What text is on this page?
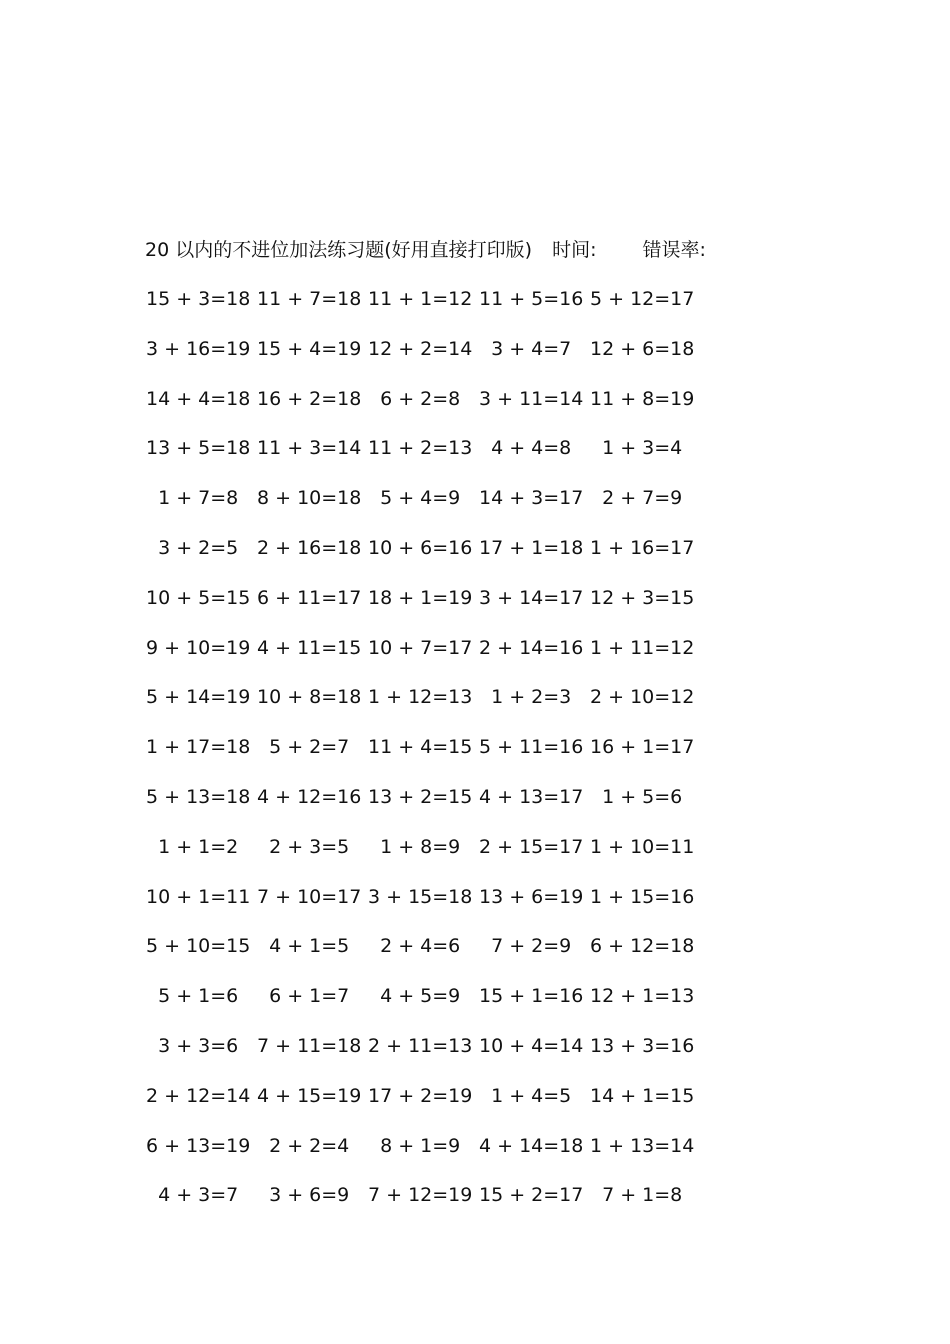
20 以内的不进位加法练习题(好用直接打印版) 时间: 错误率:
15 + 3=18 11 + 7=18 11 + 1=12 11 + 5=16 5 + 12=17
3 + 16=19 15 + 4=19 12 + 2=14 3 + 4=7 12 + 6=18
14 + 4=18 16 + 2=18 6 + 2=8 3 + 11=14 11 + 8=19
13 + 5=18 11 + 3=14 11 + 2=13 4 + 4=8 1 + 3=4
1 + 7=8 8 + 10=18 5 + 4=9 14 + 3=17 2 + 7=9
3 + 2=5 2 + 16=18 10 + 6=16 17 + 1=18 1 + 16=17
10 + 5=15 6 + 11=17 18 + 1=19 3 + 14=17 12 + 3=15
9 + 10=19 4 + 11=15 10 + 7=17 2 + 14=16 1 + 11=12
5 + 14=19 10 + 8=18 1 + 12=13 1 + 2=3 2 + 10=12
1 + 17=18 5 + 2=7 11 + 4=15 5 + 11=16 16 + 1=17
5 + 13=18 4 + 12=16 13 + 2=15 4 + 13=17 1 + 5=6
1 + 1=2 2 + 3=5 1 + 8=9 2 + 15=17 1 + 10=11
10 + 1=11 7 + 10=17 3 + 15=18 13 + 6=19 1 + 15=16
5 + 10=15 4 + 1=5 2 + 4=6 7 + 2=9 6 + 12=18
5 + 1=6 6 + 1=7 4 + 5=9 15 + 1=16 12 + 1=13
3 + 3=6 7 + 11=18 2 + 11=13 10 + 4=14 13 + 3=16
2 + 12=14 4 + 15=19 17 + 2=19 1 + 4=5 14 + 1=15
6 + 13=19 2 + 2=4 8 + 1=9 4 + 14=18 1 + 13=14
4 + 3=7 3 + 6=9 7 + 12=19 15 + 2=17 7 + 1=8
